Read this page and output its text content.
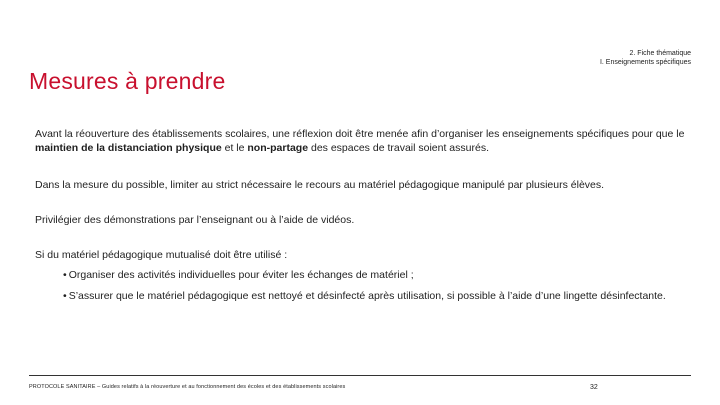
2. Fiche thématique
I. Enseignements spécifiques
Mesures à prendre

Avant la réouverture des établissements scolaires, une réflexion doit être menée afin d’organiser les enseignements spécifiques pour que le maintien de la distanciation physique et le non-partage des espaces de travail soient assurés.

Dans la mesure du possible, limiter au strict nécessaire le recours au matériel pédagogique manipulé par plusieurs élèves.

Privilégier des démonstrations par l’enseignant ou à l’aide de vidéos.

Si du matériel pédagogique mutualisé doit être utilisé :

• Organiser des activités individuelles pour éviter les échanges de matériel ;
• S’assurer que le matériel pédagogique est nettoyé et désinfecté après utilisation, si possible à l’aide d’une lingette désinfectante.
PROTOCOLE SANITAIRE – Guides relatifs à la réouverture et au fonctionnement des écoles et des établissements scolaires	32
